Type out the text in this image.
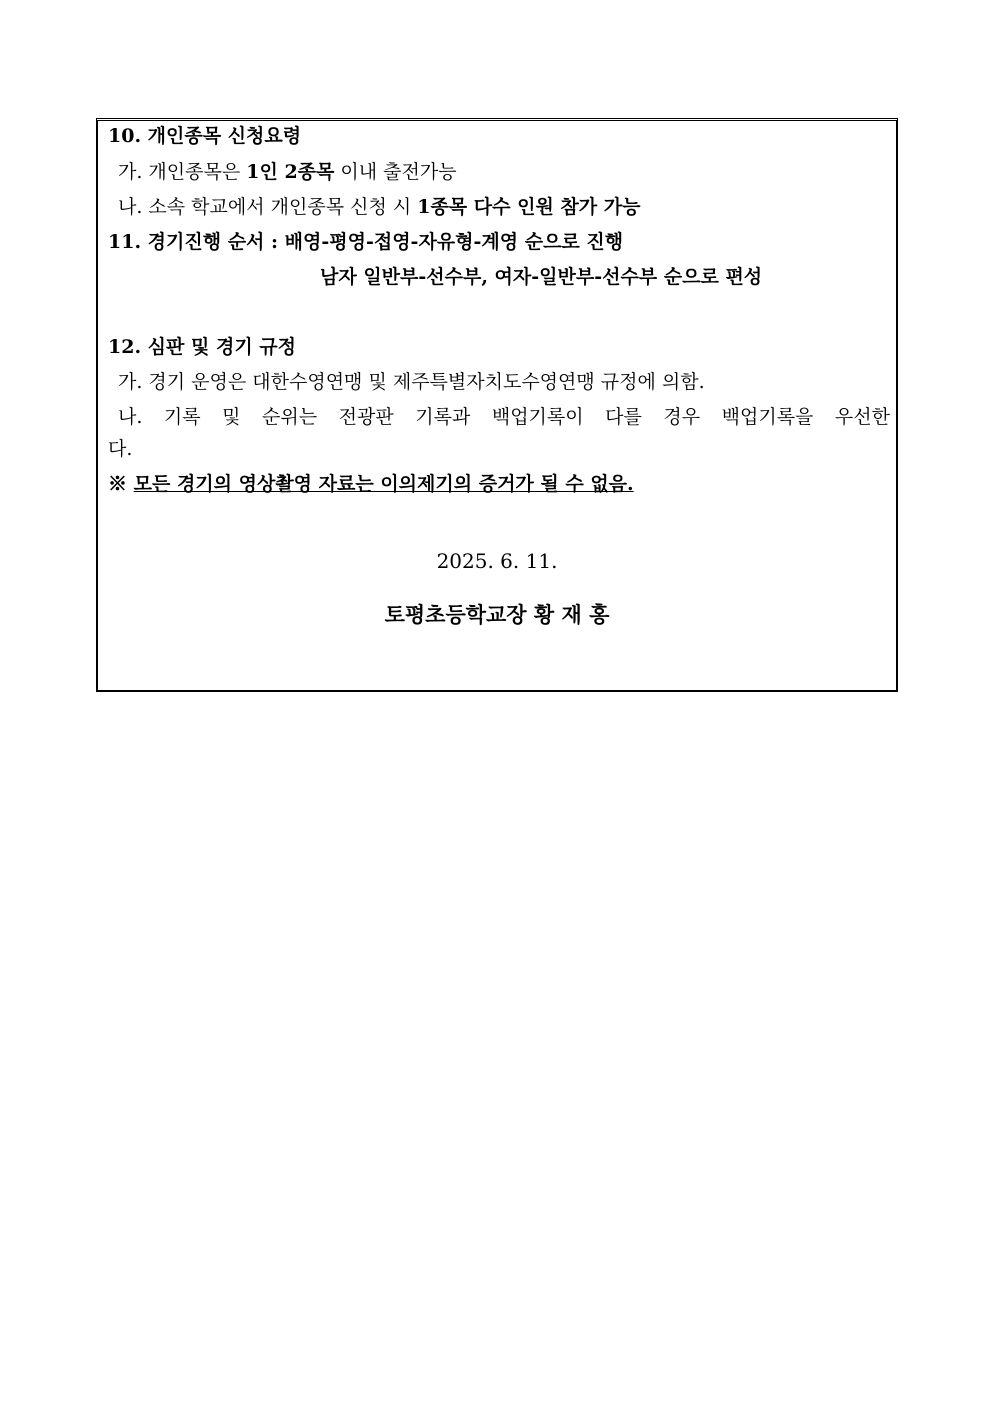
10. 개인종목 신청요령
가. 개인종목은 1인 2종목 이내 출전가능
나. 소속 학교에서 개인종목 신청 시 1종목 다수 인원 참가 가능
11. 경기진행 순서 : 배영-평영-접영-자유형-계영 순으로 진행
남자 일반부-선수부, 여자-일반부-선수부 순으로 편성
12. 심판 및 경기 규정
가. 경기 운영은 대한수영연맹 및 제주특별자치도수영연맹 규정에 의함.
나. 기록 및 순위는 전광판 기록과 백업기록이 다를 경우 백업기록을 우선한
다.
※ 모든 경기의 영상촬영 자료는 이의제기의 증거가 될 수 없음.
2025. 6. 11.
토평초등학교장 황 재 홍
